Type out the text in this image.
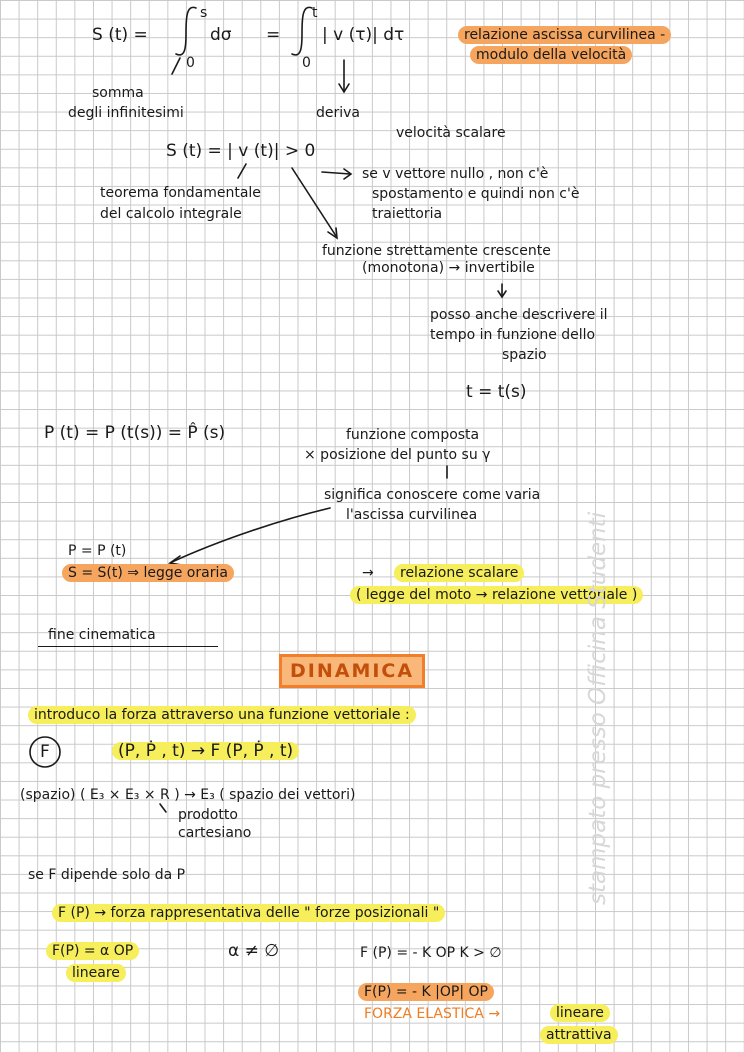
s
0
t
0
S (t) =	dσ = | v (τ)| dτ	relazione ascissa curvilinea -
modulo della velocità
somma
degli infinitesimi	deriva
velocità scalare
S (t) = | v (t)| > 0
se v vettore nullo , non c'è
spostamento e quindi non c'è
traiettoria
teorema fondamentale
del calcolo integrale
funzione strettamente crescente
(monotona) → invertibile
posso anche descrivere il
tempo in funzione dello
spazio
t = t(s)
P (t) = P (t(s)) = P̂ (s)	funzione composta
× posizione del punto su γ
significa conoscere come varia
l'ascissa curvilinea
P = P (t)
S = S(t) ⇒ legge oraria	→	relazione scalare
( legge del moto → relazione vettoriale )
fine cinematica
DINAMICA
introduco la forza attraverso una funzione vettoriale :
F	(P, Ṗ , t) → F (P, Ṗ , t)
(spazio) ( E₃ × E₃ × R ) → E₃ ( spazio dei vettori)
prodotto
cartesiano
se F dipende solo da P
F (P) → forza rappresentativa delle " forze posizionali "
F(P) = α OP	α ≠ ∅	F (P) = - K OP K > ∅
lineare
F(P) = - K |OP| OP
FORZA ELASTICA →	lineare
attrattiva
stampato presso Officina Studenti
